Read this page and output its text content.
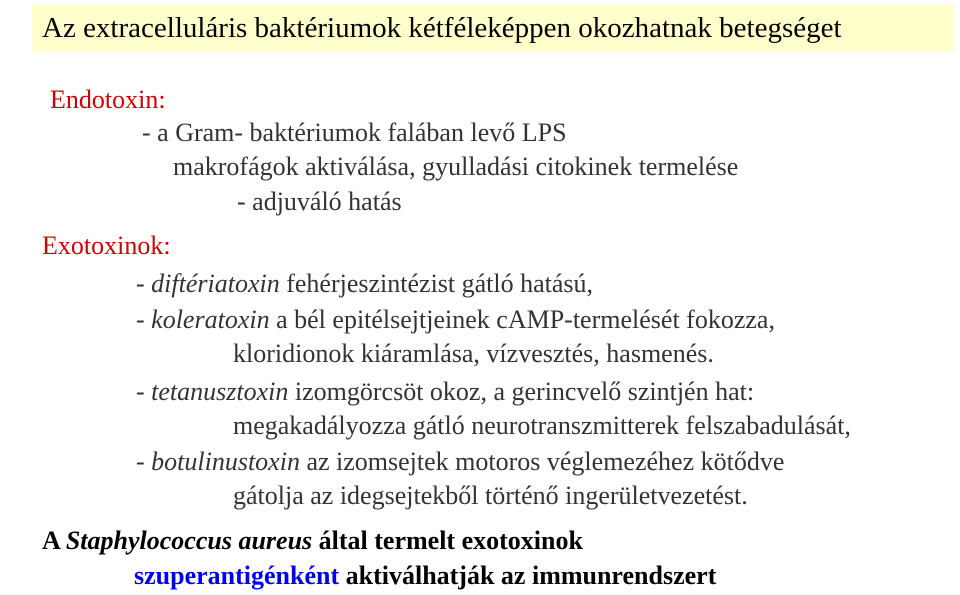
Az extracelluláris baktériumok kétféleképpen okozhatnak betegséget
Endotoxin:
- a Gram- baktériumok falában levő LPS
makrofágok aktiválása, gyulladási citokinek termelése
- adjuváló hatás
Exotoxinok:
- diftériatoxin fehérjeszintézist gátló hatású,
- koleratoxin a bél epitélsejtjeinek cAMP-termelését fokozza,
kloridionok kiáramlása, vízvesztés, hasmenés.
- tetanusztoxin izomgörcsöt okoz, a gerincvelő szintjén hat:
megakadályozza gátló neurotranszmitterek felszabadulását,
- botulinustoxin az izomsejtek motoros véglemezéhez kötődve
gátolja az idegsejtekből történő ingerületvezetést.
A Staphylococcus aureus által termelt exotoxinok
szuperantigénként aktiválhatják az immunrendszert
